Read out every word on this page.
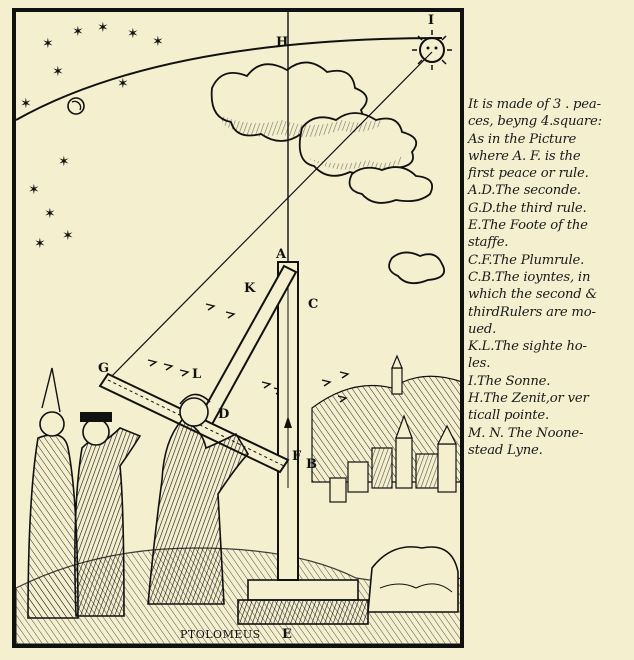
✶ ✶
✶
✶ ✶
✶
✶
✶
✶
✶
✶
✶
✶
H
I
A
K
C
G	L
D
F
B
E
PTOLOMEUS
It is made of 3 . pea-
ces, beyng 4.square:
As in the Picture
where A. F. is the
first peace or rule.
A.D.The seconde.
G.D.the third rule.
E.The Foote of the
staffe.
C.F.The Plumrule.
C.B.The ioyntes, in
which the second &
thirdRulers are mo-
ued.
K.L.The sighte ho-
les.
I.The Sonne.
H.The Zenit,or ver
ticall pointe.
M. N. The Noone-
stead Lyne.
